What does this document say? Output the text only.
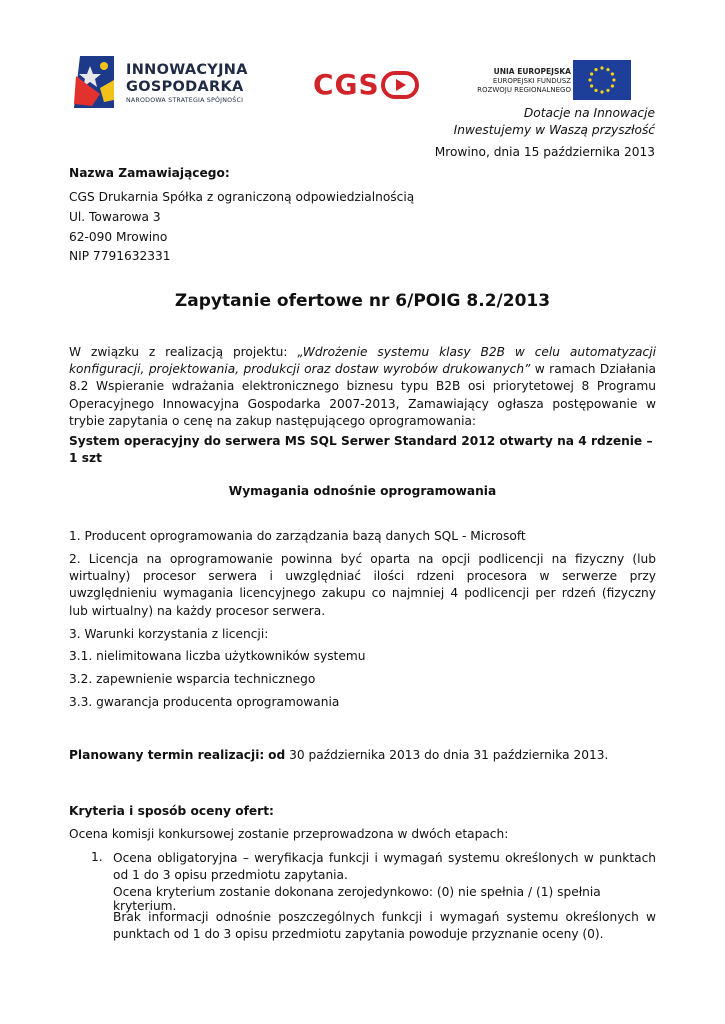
INNOWACYJNA
GOSPODARKA
NARODOWA STRATEGIA SPÓJNOŚCI CGS	UNIA EUROPEJSKA
EUROPEJSKI FUNDUSZ
ROZWOJU REGIONALNEGO
Dotacje na Innowacje
Inwestujemy w Waszą przyszłość
Mrowino, dnia 15 października 2013
Nazwa Zamawiającego:
CGS Drukarnia Spółka z ograniczoną odpowiedzialnością
Ul. Towarowa 3
62-090 Mrowino
NIP 7791632331
Zapytanie ofertowe nr 6/POIG 8.2/2013
W związku z realizacją projektu: „Wdrożenie systemu klasy B2B w celu automatyzacji konfiguracji, projektowania, produkcji oraz dostaw wyrobów drukowanych” w ramach Działania 8.2 Wspieranie wdrażania elektronicznego biznesu typu B2B osi priorytetowej 8 Programu Operacyjnego Innowacyjna Gospodarka 2007-2013, Zamawiający ogłasza postępowanie w trybie zapytania o cenę na zakup następującego oprogramowania:
System operacyjny do serwera MS SQL Serwer Standard 2012 otwarty na 4 rdzenie – 1 szt
Wymagania odnośnie oprogramowania
1. Producent oprogramowania do zarządzania bazą danych SQL - Microsoft
2. Licencja na oprogramowanie powinna być oparta na opcji podlicencji na fizyczny (lub wirtualny) procesor serwera i uwzględniać ilości rdzeni procesora w serwerze przy uwzględnieniu wymagania licencyjnego zakupu co najmniej 4 podlicencji per rdzeń (fizyczny lub wirtualny) na każdy procesor serwera.
3. Warunki korzystania z licencji:
3.1. nielimitowana liczba użytkowników systemu
3.2. zapewnienie wsparcia technicznego
3.3. gwarancja producenta oprogramowania
Planowany termin realizacji: od 30 października 2013 do dnia 31 października 2013.
Kryteria i sposób oceny ofert:
Ocena komisji konkursowej zostanie przeprowadzona w dwóch etapach:
1. Ocena obligatoryjna – weryfikacja funkcji i wymagań systemu określonych w punktach od 1 do 3 opisu przedmiotu zapytania.
Ocena kryterium zostanie dokonana zerojedynkowo: (0) nie spełnia / (1) spełnia kryterium.
Brak informacji odnośnie poszczególnych funkcji i wymagań systemu określonych w punktach od 1 do 3 opisu przedmiotu zapytania powoduje przyznanie oceny (0).
